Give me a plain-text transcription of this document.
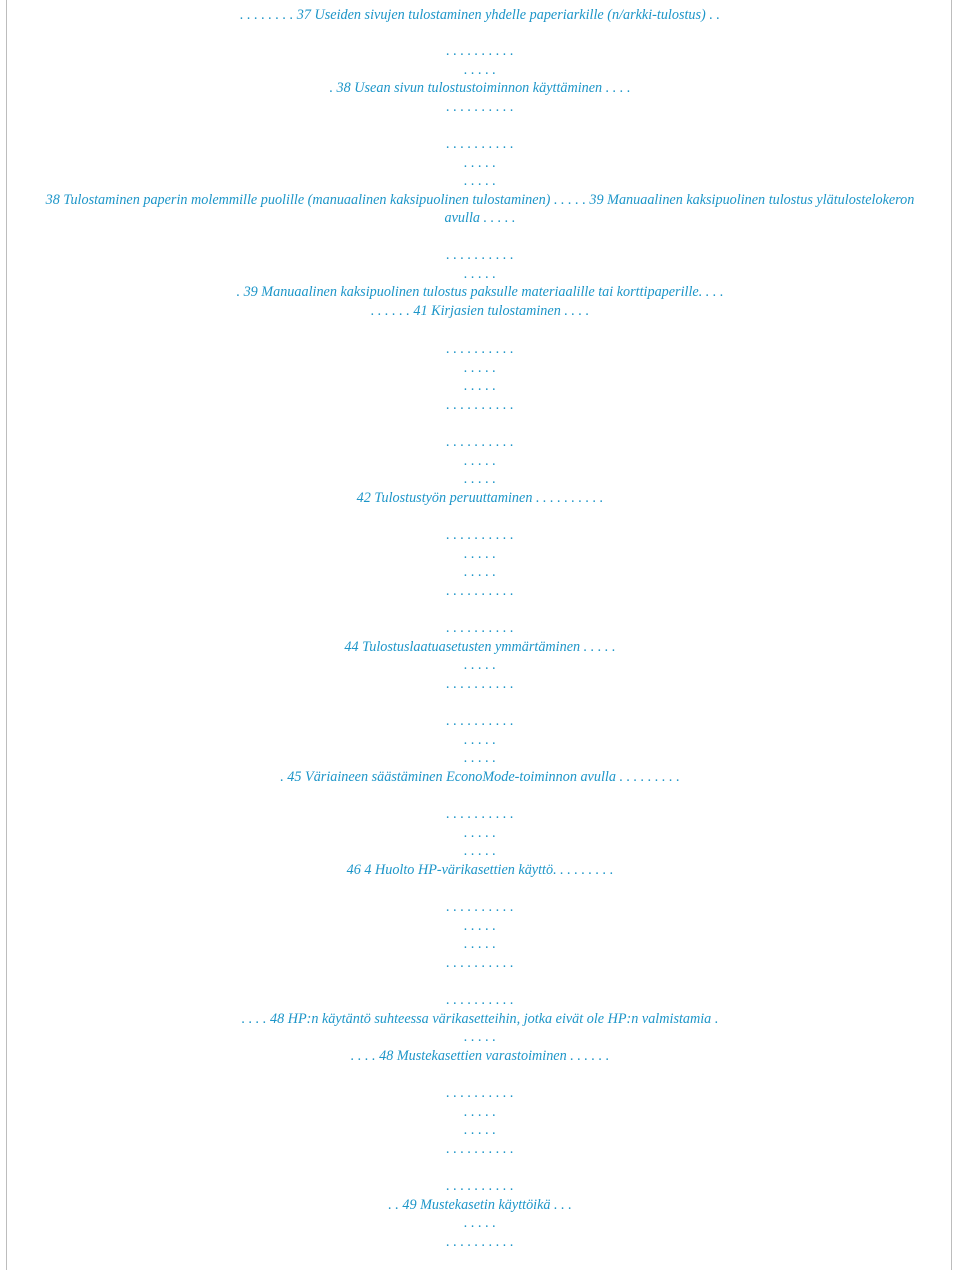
. . . . . . . . 37 Useiden sivujen tulostaminen yhdelle paperiarkille (n/arkki-tulostus) . .
. . . . . . . . . .
. . . . .
. 38 Usean sivun tulostustoiminnon käyttäminen . . . .
. . . . . . . . . .
. . . . . . . . . .
. . . . .
. . . . .
38 Tulostaminen paperin molemmille puolille (manuaalinen kaksipuolinen tulostaminen) . . . . . 39 Manuaalinen kaksipuolinen tulostus ylätulostelokeron
avulla . . . . .
. . . . . . . . . .
. . . . .
. 39 Manuaalinen kaksipuolinen tulostus paksulle materiaalille tai korttipaperille. . . .
. . . . . . 41 Kirjasien tulostaminen . . . .
. . . . . . . . . .
. . . . .
. . . . .
. . . . . . . . . .
. . . . . . . . . .
. . . . .
. . . . .
42 Tulostustyön peruuttaminen . . . . . . . . . .
. . . . . . . . . .
. . . . .
. . . . .
. . . . . . . . . .
. . . . . . . . . .
44 Tulostuslaatuasetusten ymmärtäminen . . . . .
. . . . .
. . . . . . . . . .
. . . . . . . . . .
. . . . .
. . . . .
. 45 Väriaineen säästäminen EconoMode-toiminnon avulla . . . . . . . . .
. . . . . . . . . .
. . . . .
. . . . .
46 4 Huolto HP-värikasettien käyttö. . . . . . . . .
. . . . . . . . . .
. . . . .
. . . . .
. . . . . . . . . .
. . . . . . . . . .
. . . . 48 HP:n käytäntö suhteessa värikasetteihin, jotka eivät ole HP:n valmistamia .
. . . . .
. . . . 48 Mustekasettien varastoiminen . . . . . .
. . . . . . . . . .
. . . . .
. . . . .
. . . . . . . . . .
. . . . . . . . . .
. . 49 Mustekasetin käyttöikä . . .
. . . . .
. . . . . . . . . .
